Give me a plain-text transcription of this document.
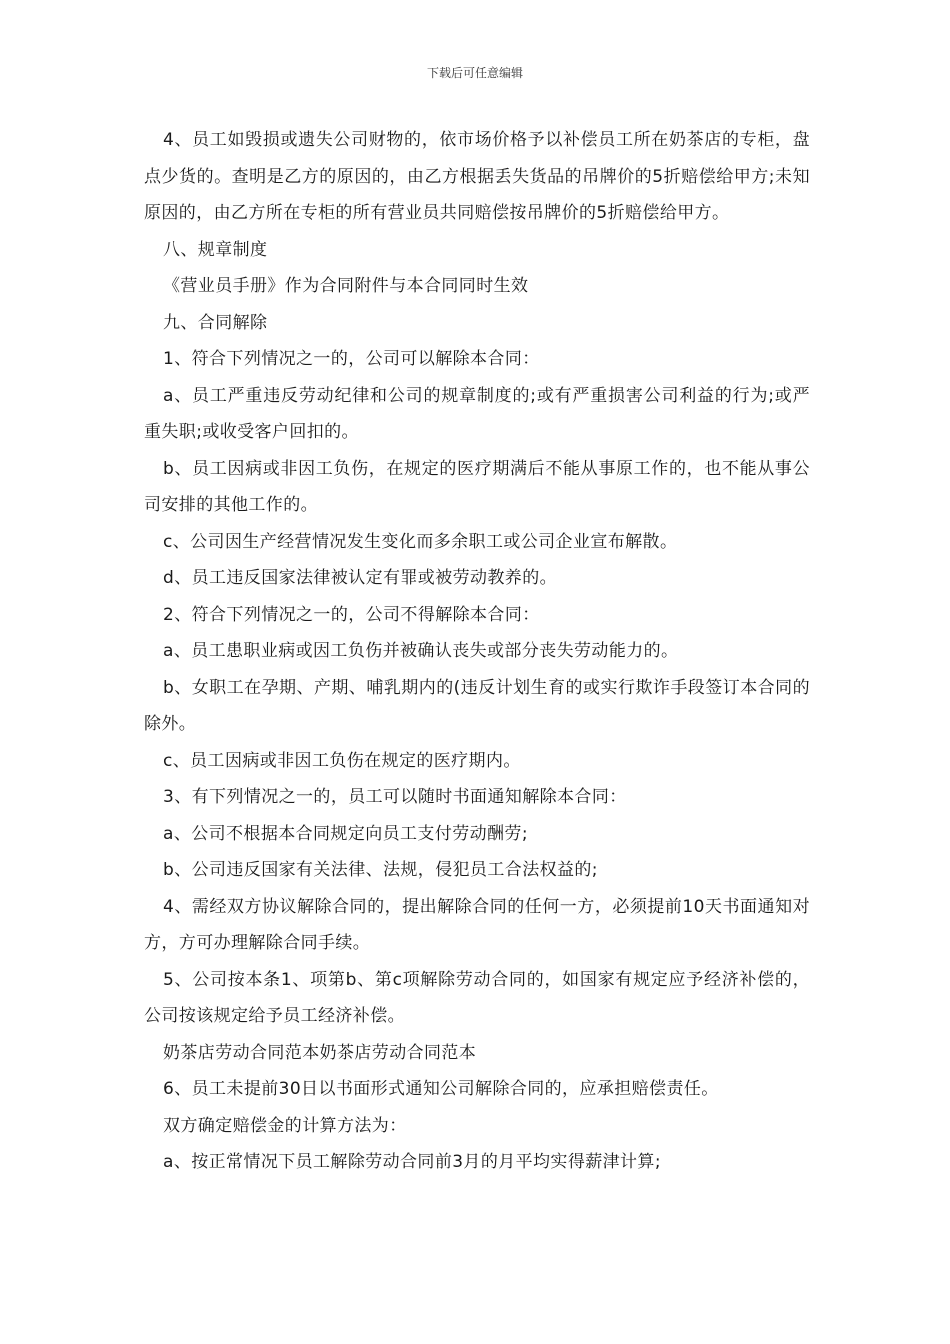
下载后可任意编辑

4、员工如毁损或遗失公司财物的，依市场价格予以补偿员工所在奶茶店的专柜，盘点少货的。查明是乙方的原因的，由乙方根据丢失货品的吊牌价的5折赔偿给甲方;未知原因的，由乙方所在专柜的所有营业员共同赔偿按吊牌价的5折赔偿给甲方。

八、规章制度

《营业员手册》作为合同附件与本合同同时生效

九、合同解除

1、符合下列情况之一的，公司可以解除本合同：

a、员工严重违反劳动纪律和公司的规章制度的;或有严重损害公司利益的行为;或严重失职;或收受客户回扣的。

b、员工因病或非因工负伤，在规定的医疗期满后不能从事原工作的，也不能从事公司安排的其他工作的。

c、公司因生产经营情况发生变化而多余职工或公司企业宣布解散。

d、员工违反国家法律被认定有罪或被劳动教养的。

2、符合下列情况之一的，公司不得解除本合同：

a、员工患职业病或因工负伤并被确认丧失或部分丧失劳动能力的。

b、女职工在孕期、产期、哺乳期内的(违反计划生育的或实行欺诈手段签订本合同的除外。

c、员工因病或非因工负伤在规定的医疗期内。

3、有下列情况之一的，员工可以随时书面通知解除本合同：

a、公司不根据本合同规定向员工支付劳动酬劳;

b、公司违反国家有关法律、法规，侵犯员工合法权益的;

4、需经双方协议解除合同的，提出解除合同的任何一方，必须提前10天书面通知对方，方可办理解除合同手续。

5、公司按本条1、项第b、第c项解除劳动合同的，如国家有规定应予经济补偿的，公司按该规定给予员工经济补偿。

奶茶店劳动合同范本奶茶店劳动合同范本

6、员工未提前30日以书面形式通知公司解除合同的，应承担赔偿责任。

双方确定赔偿金的计算方法为：

a、按正常情况下员工解除劳动合同前3月的月平均实得薪津计算;
